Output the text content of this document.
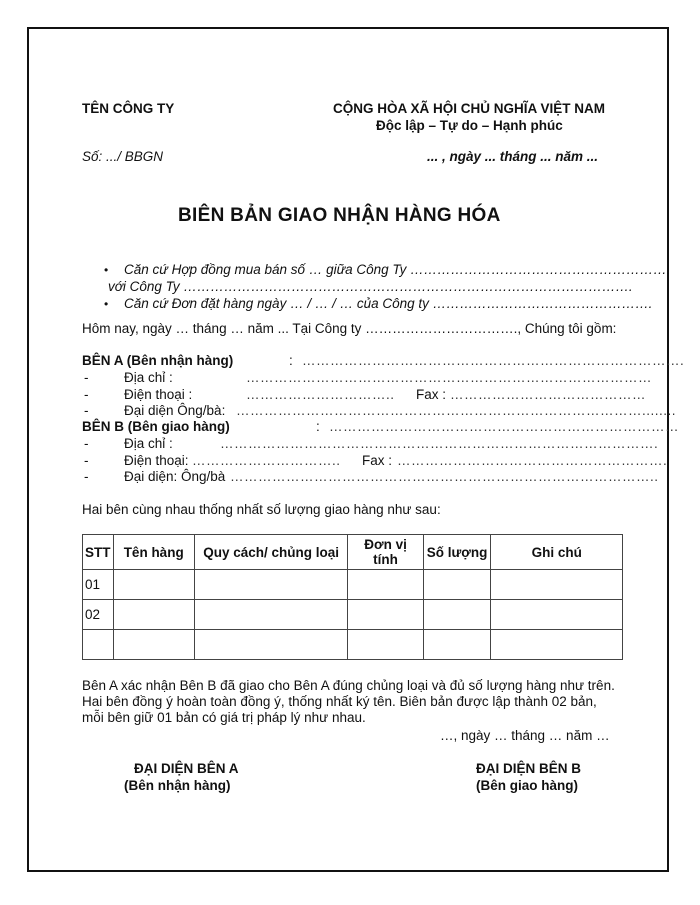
TÊN CÔNG TY	CỘNG HÒA XÃ HỘI CHỦ NGHĨA VIỆT NAM
Độc lập – Tự do – Hạnh phúc
Số: .../ BBGN	... , ngày ... tháng ... năm ...
BIÊN BẢN GIAO NHẬN HÀNG HÓA
• Căn cứ Hợp đồng mua bán số … giữa Công Ty ………………………………………………….
với Công Ty ……………………………………………………………………………………….
• Căn cứ Đơn đặt hàng ngày … / … / … của Công ty ………………………………………….
Hôm nay, ngày … tháng … năm ... Tại Công ty ……………………………., Chúng tôi gồm:
BÊN A (Bên nhận hàng)	: ……………………………………………………………………….
-	Địa chỉ :	……………………………………………………………………………
-	Điện thoại :	………………………….. Fax : ……………………………………
-	Đại diện Ông/bà: ……………………………………………………………………………........
BÊN B (Bên giao hàng)	: …………………………………………………………………
-	Địa chỉ :	………………………………………………………………………………….
-	Điện thoại: ………………………….. Fax : ………………………………………………….
-	Đại diện: Ông/bà ………………………………………………………………………………..
Hai bên cùng nhau thống nhất số lượng giao hàng như sau:
STT	Tên hàng	Quy cách/ chủng loại	Đơn vị tính	Số lượng	Ghi chú
01					
02					

Bên A xác nhận Bên B đã giao cho Bên A đúng chủng loại và đủ số lượng hàng như trên.
Hai bên đồng ý hoàn toàn đồng ý, thống nhất ký tên. Biên bản được lập thành 02 bản,
mỗi bên giữ 01 bản có giá trị pháp lý như nhau.
…, ngày … tháng … năm …
ĐẠI DIỆN BÊN A
(Bên nhận hàng)
ĐẠI DIỆN BÊN B
(Bên giao hàng)
